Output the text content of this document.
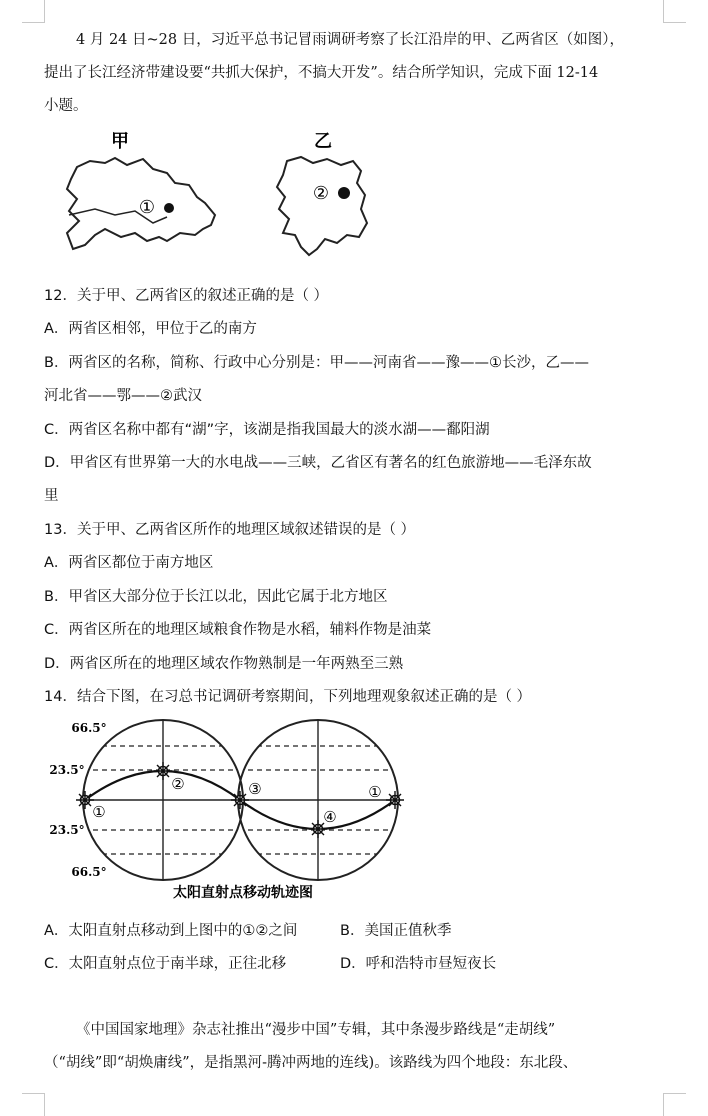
4 月 24 日~28 日，习近平总书记冒雨调研考察了长江沿岸的甲、乙两省区（如图），
提出了长江经济带建设要“共抓大保护，不搞大开发”。结合所学知识，完成下面 12-14
小题。
甲
①
乙
②
12．关于甲、乙两省区的叙述正确的是（ ）
A．两省区相邻，甲位于乙的南方
B．两省区的名称，简称、行政中心分别是：甲——河南省——豫——①长沙，乙——
河北省——鄂——②武汉
C．两省区名称中都有“湖”字，该湖是指我国最大的淡水湖——鄱阳湖
D．甲省区有世界第一大的水电战——三峡，乙省区有著名的红色旅游地——毛泽东故
里
13．关于甲、乙两省区所作的地理区域叙述错误的是（ ）
A．两省区都位于南方地区
B．甲省区大部分位于长江以北，因此它属于北方地区
C．两省区所在的地理区域粮食作物是水稻，辅料作物是油菜
D．两省区所在的地理区域农作物熟制是一年两熟至三熟
14．结合下图，在习总书记调研考察期间，下列地理观象叙述正确的是（ ）
66.5°
23.5°
23.5°
66.5°
①
②	③
④
①
太阳直射点移动轨迹图
A．太阳直射点移动到上图中的①②之间	B．美国正值秋季
C．太阳直射点位于南半球，正往北移	D．呼和浩特市昼短夜长
《中国国家地理》杂志社推出“漫步中国”专辑，其中条漫步路线是“走胡线”
（“胡线”即“胡焕庸线”，是指黑河-腾冲两地的连线)。该路线为四个地段：东北段、
